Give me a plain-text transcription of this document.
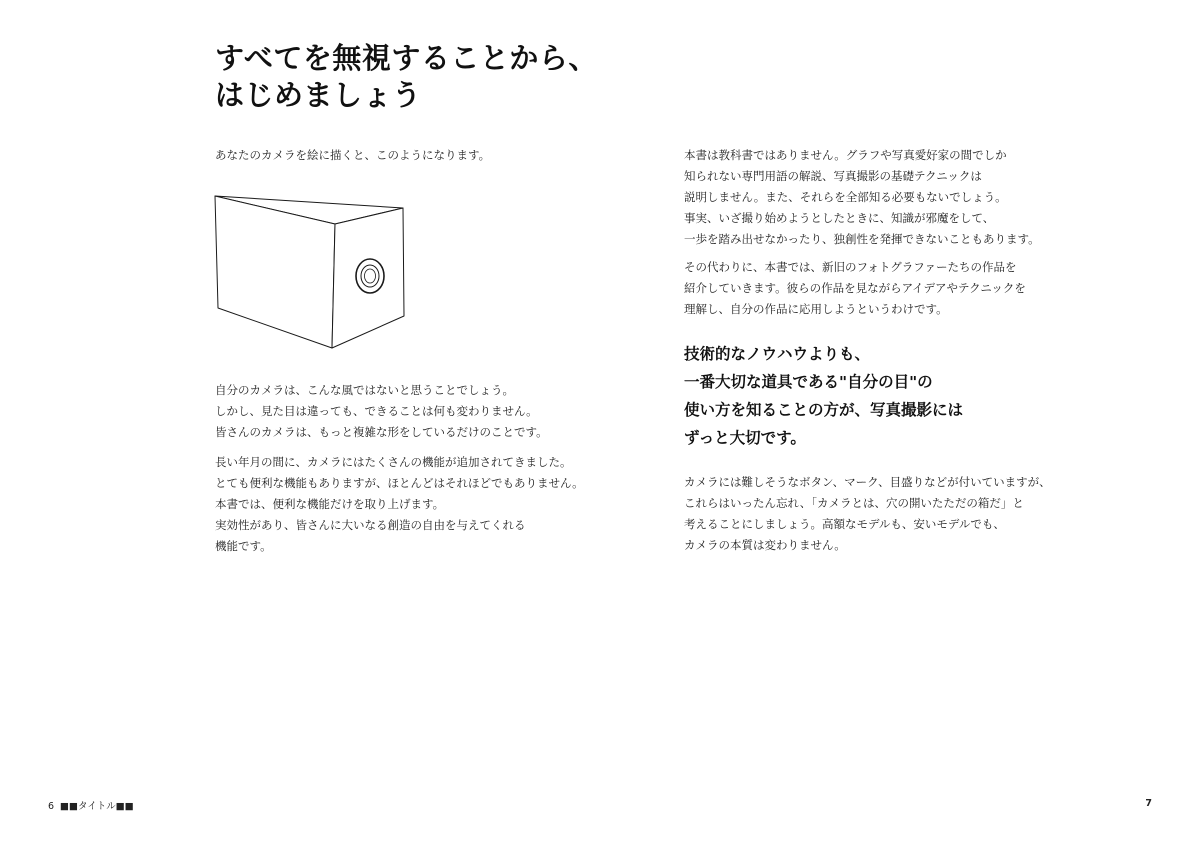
すべてを無視することから、
はじめましょう
あなたのカメラを絵に描くと、このようになります。
自分のカメラは、こんな風ではないと思うことでしょう。
しかし、見た目は違っても、できることは何も変わりません。
皆さんのカメラは、もっと複雑な形をしているだけのことです。
長い年月の間に、カメラにはたくさんの機能が追加されてきました。
とても便利な機能もありますが、ほとんどはそれほどでもありません。
本書では、便利な機能だけを取り上げます。
実効性があり、皆さんに大いなる創造の自由を与えてくれる
機能です。
6 ■■タイトル■■
本書は教科書ではありません。グラフや写真愛好家の間でしか
知られない専門用語の解説、写真撮影の基礎テクニックは
説明しません。また、それらを全部知る必要もないでしょう。
事実、いざ撮り始めようとしたときに、知識が邪魔をして、
一歩を踏み出せなかったり、独創性を発揮できないこともあります。
その代わりに、本書では、新旧のフォトグラファーたちの作品を
紹介していきます。彼らの作品を見ながらアイデアやテクニックを
理解し、自分の作品に応用しようというわけです。
技術的なノウハウよりも、
一番大切な道具である"自分の目"の
使い方を知ることの方が、写真撮影には
ずっと大切です。
カメラには難しそうなボタン、マーク、目盛りなどが付いていますが、
これらはいったん忘れ、「カメラとは、穴の開いたただの箱だ」と
考えることにしましょう。高額なモデルも、安いモデルでも、
カメラの本質は変わりません。
7
